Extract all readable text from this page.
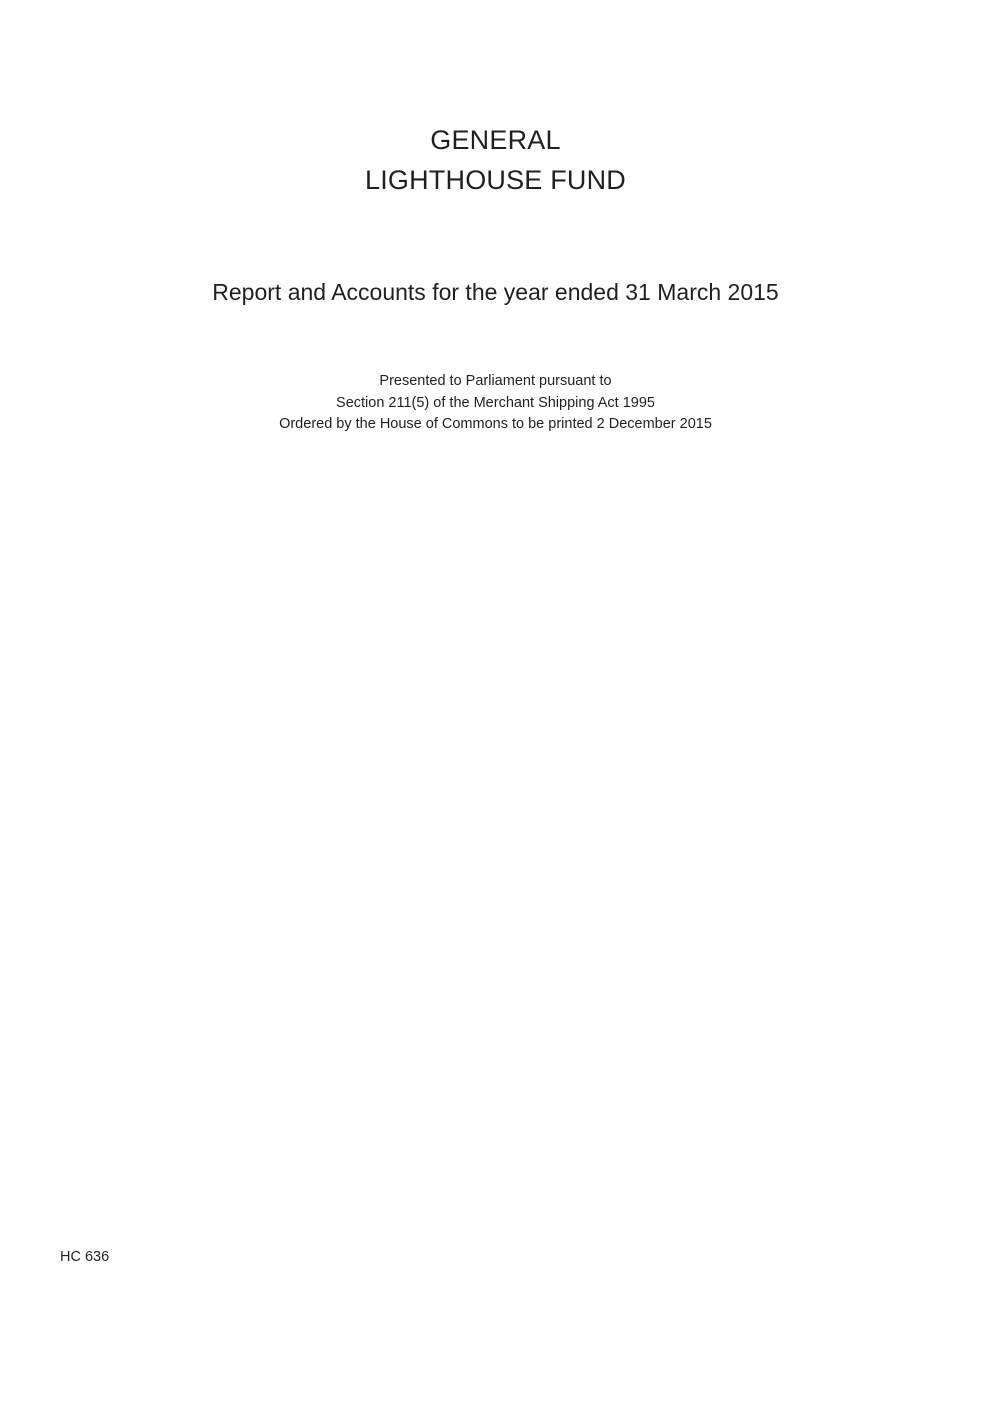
GENERAL
LIGHTHOUSE FUND
Report and Accounts for the year ended 31 March 2015
Presented to Parliament pursuant to
Section 211(5) of the Merchant Shipping Act 1995
Ordered by the House of Commons to be printed 2 December 2015
HC 636
